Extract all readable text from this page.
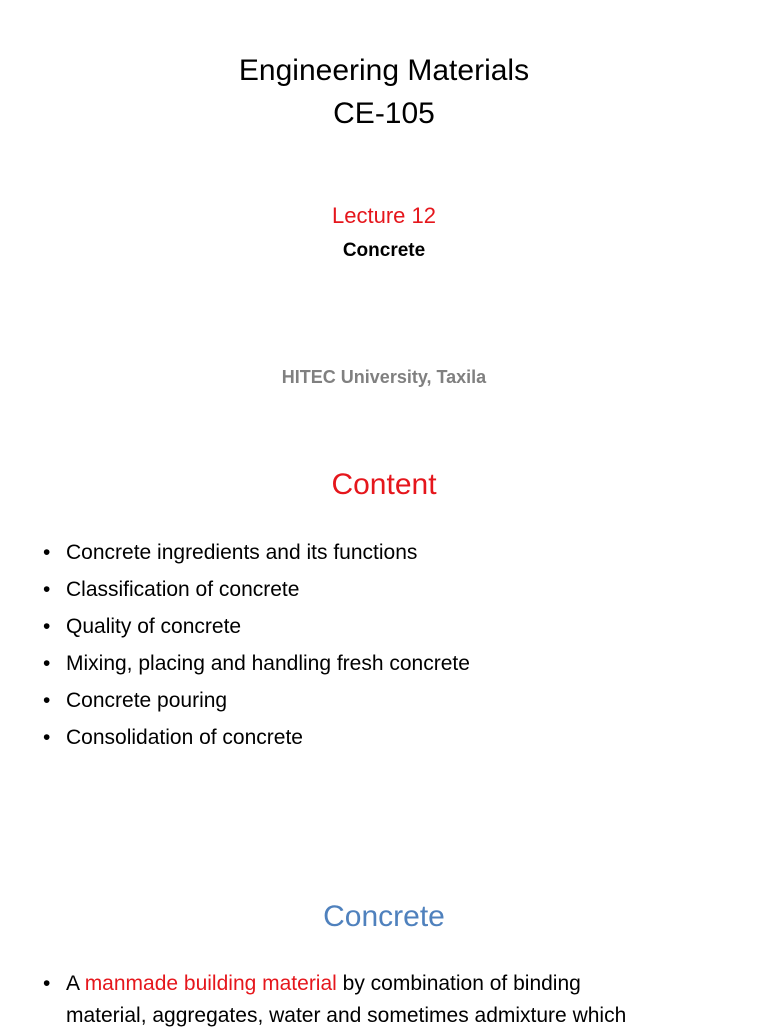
Engineering Materials
CE-105
Lecture 12
Concrete
HITEC University, Taxila
Content
• Concrete ingredients and its functions
• Classification of concrete
• Quality of concrete
• Mixing, placing and handling fresh concrete
• Concrete pouring
• Consolidation of concrete
Concrete
• A manmade building material by combination of binding
material, aggregates, water and sometimes admixture which
